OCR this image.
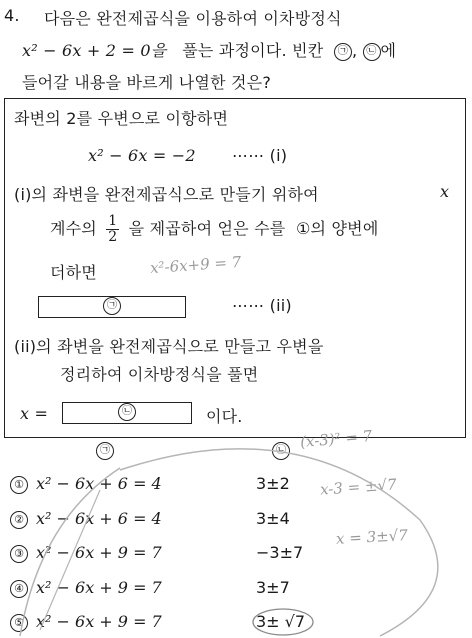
4. 다음은 완전제곱식을 이용하여 이차방정식
x² − 6x + 2 = 0을 풀는 과정이다. 빈칸 ㉠ , ㉡ 에
들어갈 내용을 바르게 나열한 것은?
좌변의 2를 우변으로 이항하면
x² − 6x = −2 ⋯⋯ (i)
(i)의 좌변을 완전제곱식으로 만들기 위하여	x
계수의 $\frac{1}{2}$ 을 제곱하여 얻은 수를 ①의 양변에
더하면	x²-6x+9 = 7
㉠	⋯⋯ (ii)
(ii)의 좌변을 완전제곱식으로 만들고 우변을
정리하여 이차방정식을 풀면
x =	㉡	이다.
㉠	㉡
① x² − 6x + 6 = 4	3±2
② x² − 6x + 6 = 4	3±4
③ x² − 6x + 9 = 7	−3±7
④ x² − 6x + 9 = 7	3±7
⑤ x² − 6x + 9 = 7	3± √7
(x-3)² = 7
x-3 = ±√7
x = 3±√7
